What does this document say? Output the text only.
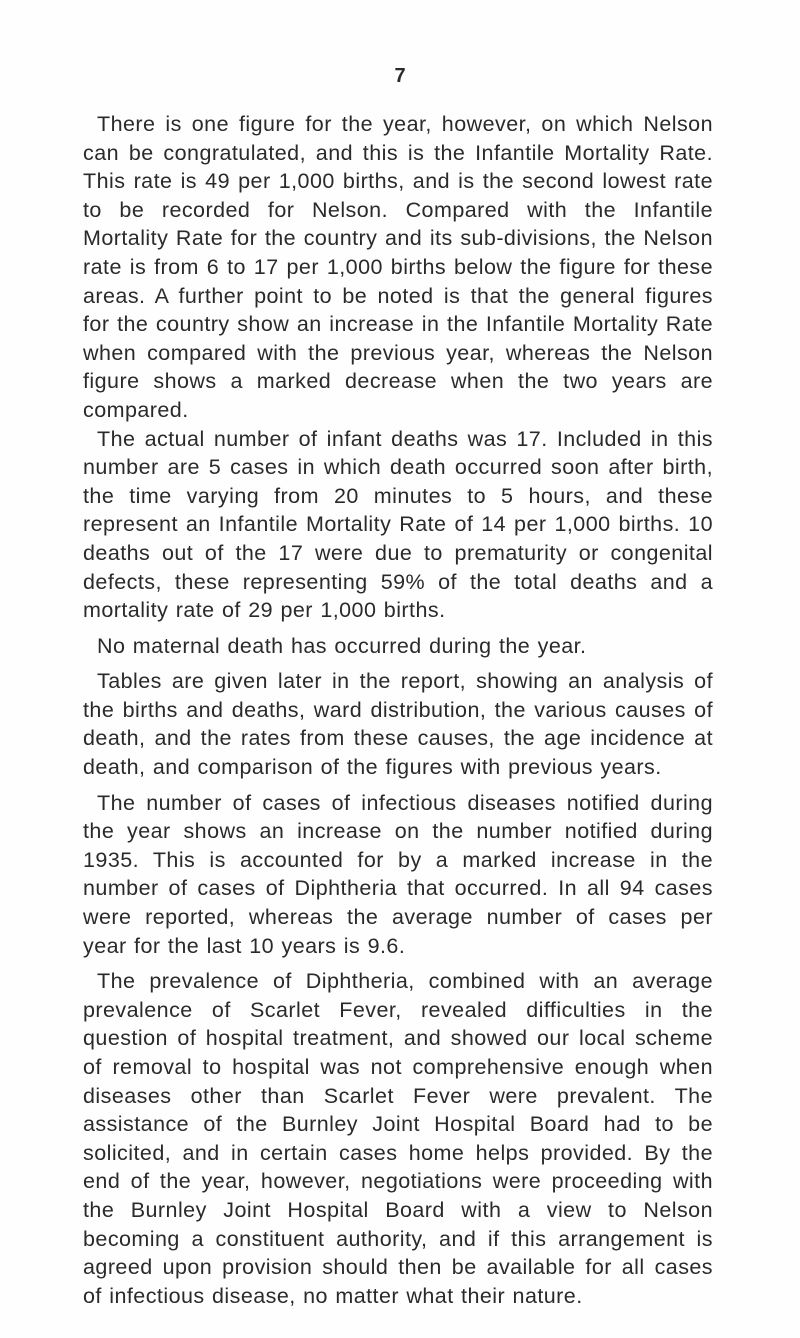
7

There is one figure for the year, however, on which Nelson can be congratulated, and this is the Infantile Mortality Rate. This rate is 49 per 1,000 births, and is the second lowest rate to be recorded for Nelson. Compared with the Infantile Mortality Rate for the country and its sub-divisions, the Nelson rate is from 6 to 17 per 1,000 births below the figure for these areas. A further point to be noted is that the general figures for the country show an increase in the Infantile Mortality Rate when compared with the previous year, whereas the Nelson figure shows a marked decrease when the two years are compared.

The actual number of infant deaths was 17. Included in this number are 5 cases in which death occurred soon after birth, the time varying from 20 minutes to 5 hours, and these represent an Infantile Mortality Rate of 14 per 1,000 births. 10 deaths out of the 17 were due to prematurity or congenital defects, these representing 59% of the total deaths and a mortality rate of 29 per 1,000 births.

No maternal death has occurred during the year.

Tables are given later in the report, showing an analysis of the births and deaths, ward distribution, the various causes of death, and the rates from these causes, the age incidence at death, and comparison of the figures with previous years.

The number of cases of infectious diseases notified during the year shows an increase on the number notified during 1935. This is accounted for by a marked increase in the number of cases of Diphtheria that occurred. In all 94 cases were reported, whereas the average number of cases per year for the last 10 years is 9.6.

The prevalence of Diphtheria, combined with an average prevalence of Scarlet Fever, revealed difficulties in the question of hospital treatment, and showed our local scheme of removal to hospital was not comprehensive enough when diseases other than Scarlet Fever were prevalent. The assistance of the Burnley Joint Hospital Board had to be solicited, and in certain cases home helps provided. By the end of the year, however, negotiations were proceeding with the Burnley Joint Hospital Board with a view to Nelson becoming a constituent authority, and if this arrangement is agreed upon provision should then be available for all cases of infectious disease, no matter what their nature.
